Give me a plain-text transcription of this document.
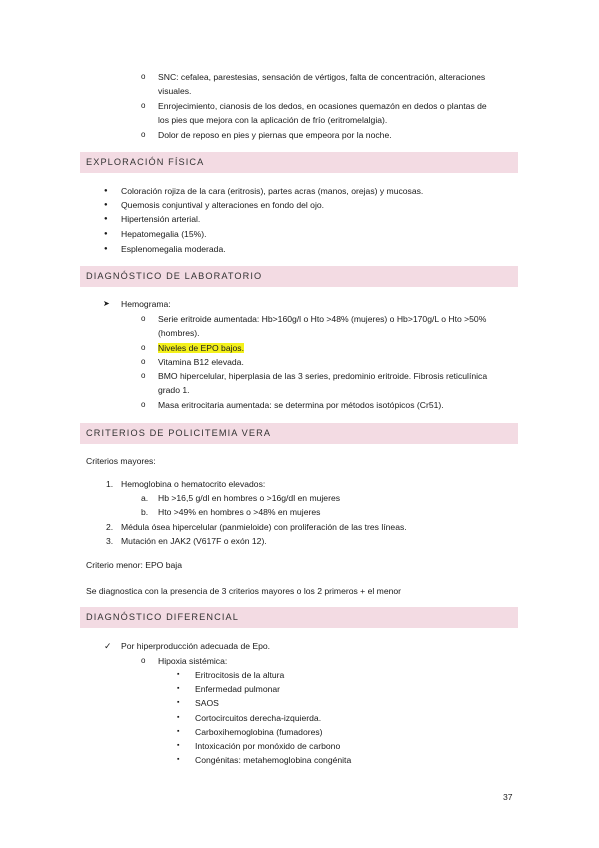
o SNC: cefalea, parestesias, sensación de vértigos, falta de concentración, alteraciones
visuales.
o Enrojecimiento, cianosis de los dedos, en ocasiones quemazón en dedos o plantas de
los pies que mejora con la aplicación de frío (eritromelalgia).
o Dolor de reposo en pies y piernas que empeora por la noche.
EXPLORACIÓN FÍSICA
● Coloración rojiza de la cara (eritrosis), partes acras (manos, orejas) y mucosas.
● Quemosis conjuntival y alteraciones en fondo del ojo.
● Hipertensión arterial.
● Hepatomegalia (15%).
● Esplenomegalia moderada.
DIAGNÓSTICO DE LABORATORIO
➤ Hemograma:
o Serie eritroide aumentada: Hb>160g/l o Hto >48% (mujeres) o Hb>170g/L o Hto >50%
(hombres).
o Niveles de EPO bajos.
o Vitamina B12 elevada.
o BMO hipercelular, hiperplasia de las 3 series, predominio eritroide. Fibrosis reticulínica
grado 1.
o Masa eritrocitaria aumentada: se determina por métodos isotópicos (Cr51).
CRITERIOS DE POLICITEMIA VERA
Criterios mayores:
1. Hemoglobina o hematocrito elevados:
a. Hb >16,5 g/dl en hombres o >16g/dl en mujeres
b. Hto >49% en hombres o >48% en mujeres
2. Médula ósea hipercelular (panmieloide) con proliferación de las tres líneas.
3. Mutación en JAK2 (V617F o exón 12).
Criterio menor: EPO baja
Se diagnostica con la presencia de 3 criterios mayores o los 2 primeros + el menor
DIAGNÓSTICO DIFERENCIAL
✓ Por hiperproducción adecuada de Epo.
o Hipoxia sistémica:
▪ Eritrocitosis de la altura
▪ Enfermedad pulmonar
▪ SAOS
▪ Cortocircuitos derecha-izquierda.
▪ Carboxihemoglobina (fumadores)
▪ Intoxicación por monóxido de carbono
▪ Congénitas: metahemoglobina congénita
37
